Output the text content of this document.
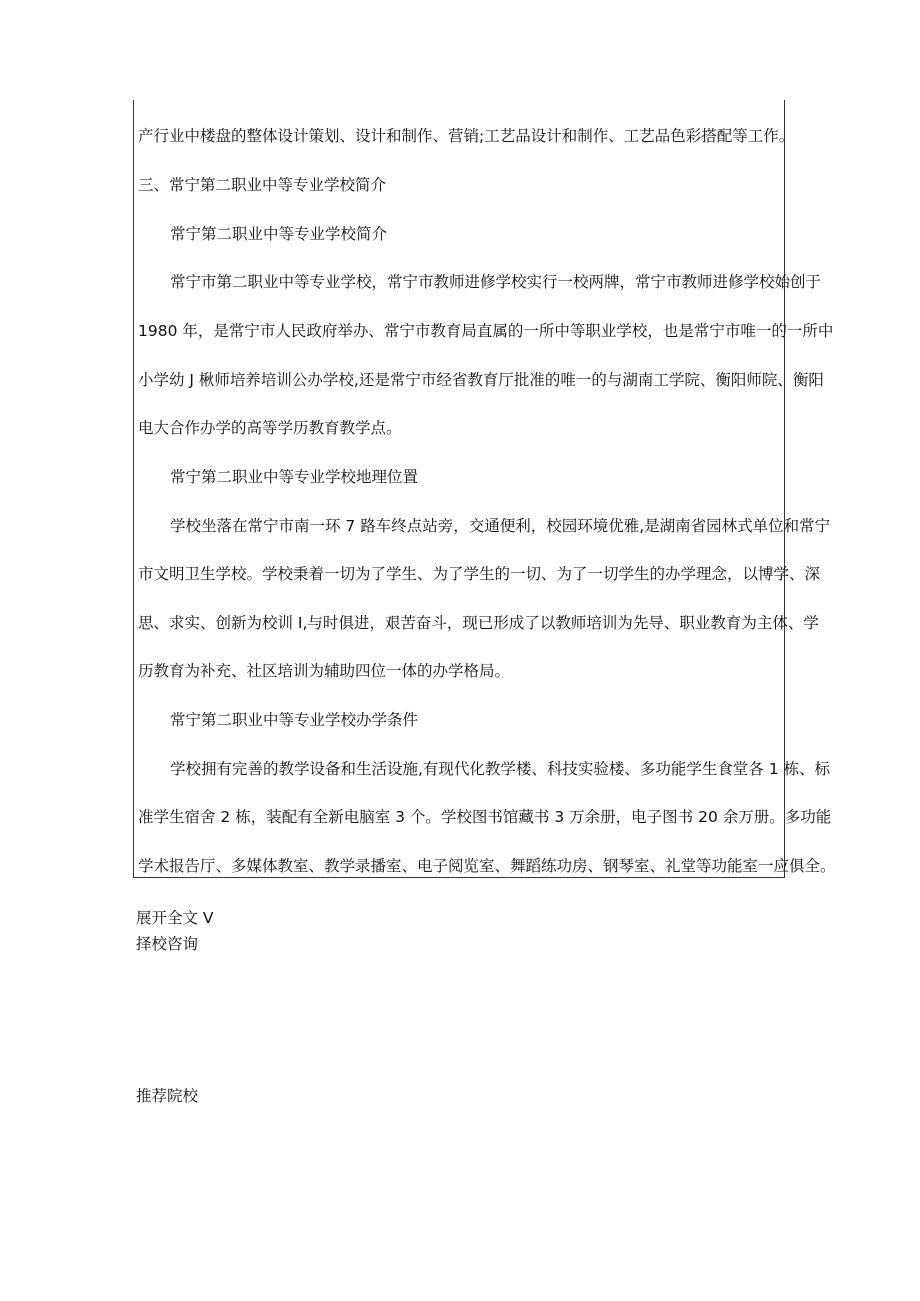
产行业中楼盘的整体设计策划、设计和制作、营销;工艺品设计和制作、工艺品色彩搭配等工作。
三、常宁第二职业中等专业学校简介
常宁第二职业中等专业学校简介
常宁市第二职业中等专业学校，常宁市教师进修学校实行一校两牌，常宁市教师进修学校始创于
1980 年，是常宁市人民政府举办、常宁市教育局直属的一所中等职业学校，也是常宁市唯一的一所中
小学幼 J 楸师培养培训公办学校,还是常宁市经省教育厅批准的唯一的与湖南工学院、衡阳师院、衡阳
电大合作办学的高等学历教育教学点。
常宁第二职业中等专业学校地理位置
学校坐落在常宁市南一环 7 路车终点站旁，交通便利，校园环境优雅,是湖南省园林式单位和常宁
市文明卫生学校。学校秉着一切为了学生、为了学生的一切、为了一切学生的办学理念，以博学、深
思、求实、创新为校训 I,与时俱进，艰苦奋斗，现已形成了以教师培训为先导、职业教育为主体、学
历教育为补充、社区培训为辅助四位一体的办学格局。
常宁第二职业中等专业学校办学条件
学校拥有完善的教学设备和生活设施,有现代化教学楼、科技实验楼、多功能学生食堂各 1 栋、标
准学生宿舍 2 栋，装配有全新电脑室 3 个。学校图书馆藏书 3 万余册，电子图书 20 余万册。多功能
学术报告厅、多媒体教室、教学录播室、电子阅览室、舞蹈练功房、钢琴室、礼堂等功能室一应俱全。
展开全文 V
择校咨询
推荐院校
